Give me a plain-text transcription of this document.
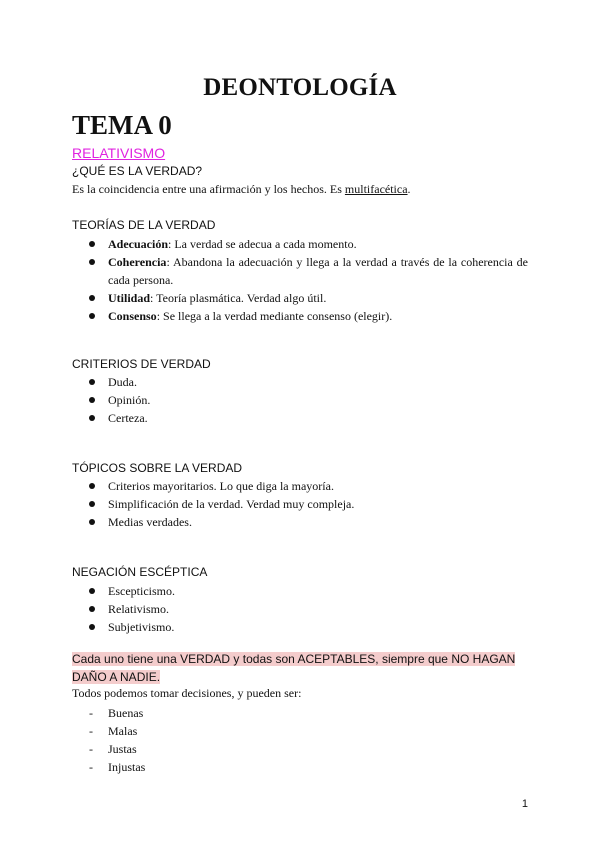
DEONTOLOGÍA
TEMA 0
RELATIVISMO
¿QUÉ ES LA VERDAD?
Es la coincidencia entre una afirmación y los hechos. Es multifacética.
TEORÍAS DE LA VERDAD
Adecuación: La verdad se adecua a cada momento.
Coherencia: Abandona la adecuación y llega a la verdad a través de la coherencia de cada persona.
Utilidad: Teoría plasmática. Verdad algo útil.
Consenso: Se llega a la verdad mediante consenso (elegir).
CRITERIOS DE VERDAD
Duda.
Opinión.
Certeza.
TÓPICOS SOBRE LA VERDAD
Criterios mayoritarios. Lo que diga la mayoría.
Simplificación de la verdad. Verdad muy compleja.
Medias verdades.
NEGACIÓN ESCÉPTICA
Escepticismo.
Relativismo.
Subjetivismo.
Cada uno tiene una VERDAD y todas son ACEPTABLES, siempre que NO HAGAN DAÑO A NADIE.
Todos podemos tomar decisiones, y pueden ser:
- Buenas
- Malas
- Justas
- Injustas
1
